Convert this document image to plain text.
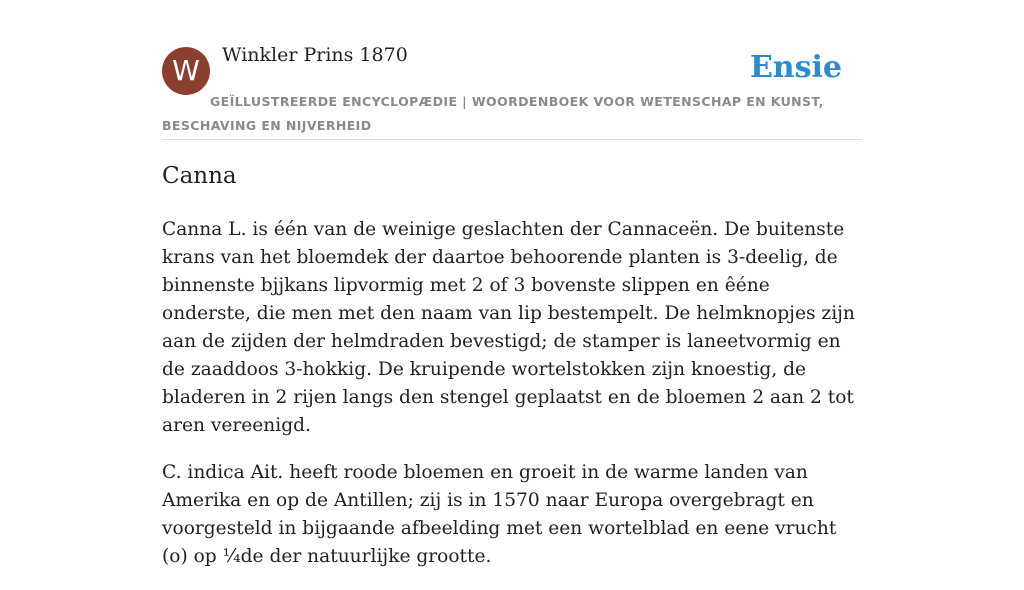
W	Winkler Prins 1870	Ensie
GEÏLLUSTREERDE ENCYCLOPÆDIE | WOORDENBOEK VOOR WETENSCHAP EN KUNST, BESCHAVING EN NIJVERHEID
Canna

Canna L. is één van de weinige geslachten der Cannaceën. De buitenste krans van het bloemdek der daartoe behoorende planten is 3-deelig, de binnenste bjjkans lipvormig met 2 of 3 bovenste slippen en êéne onderste, die men met den naam van lip bestempelt. De helmknopjes zijn aan de zijden der helmdraden bevestigd; de stamper is laneetvormig en de zaaddoos 3-hokkig. De kruipende wortelstokken zijn knoestig, de bladeren in 2 rijen langs den stengel geplaatst en de bloemen 2 aan 2 tot aren vereenigd.

C. indica Ait. heeft roode bloemen en groeit in de warme landen van Amerika en op de Antillen; zij is in 1570 naar Europa overgebragt en voorgesteld in bijgaande afbeelding met een wortelblad en eene vrucht (o) op ¼de der natuurlijke grootte.
